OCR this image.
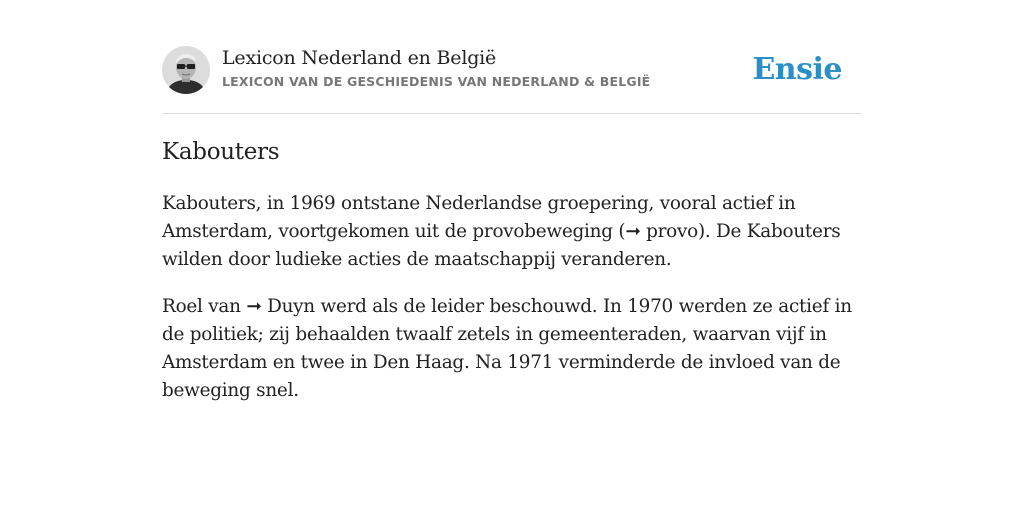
Lexicon Nederland en België
LEXICON VAN DE GESCHIEDENIS VAN NEDERLAND & BELGIË	Ensie
Kabouters

Kabouters, in 1969 ontstane Nederlandse groepering, vooral actief in Amsterdam, voortgekomen uit de provobeweging (➞ provo). De Kabouters wilden door ludieke acties de maatschappij veranderen.

Roel van ➞ Duyn werd als de leider beschouwd. In 1970 werden ze actief in de politiek; zij behaalden twaalf zetels in gemeenteraden, waarvan vijf in Amsterdam en twee in Den Haag. Na 1971 verminderde de invloed van de beweging snel.
